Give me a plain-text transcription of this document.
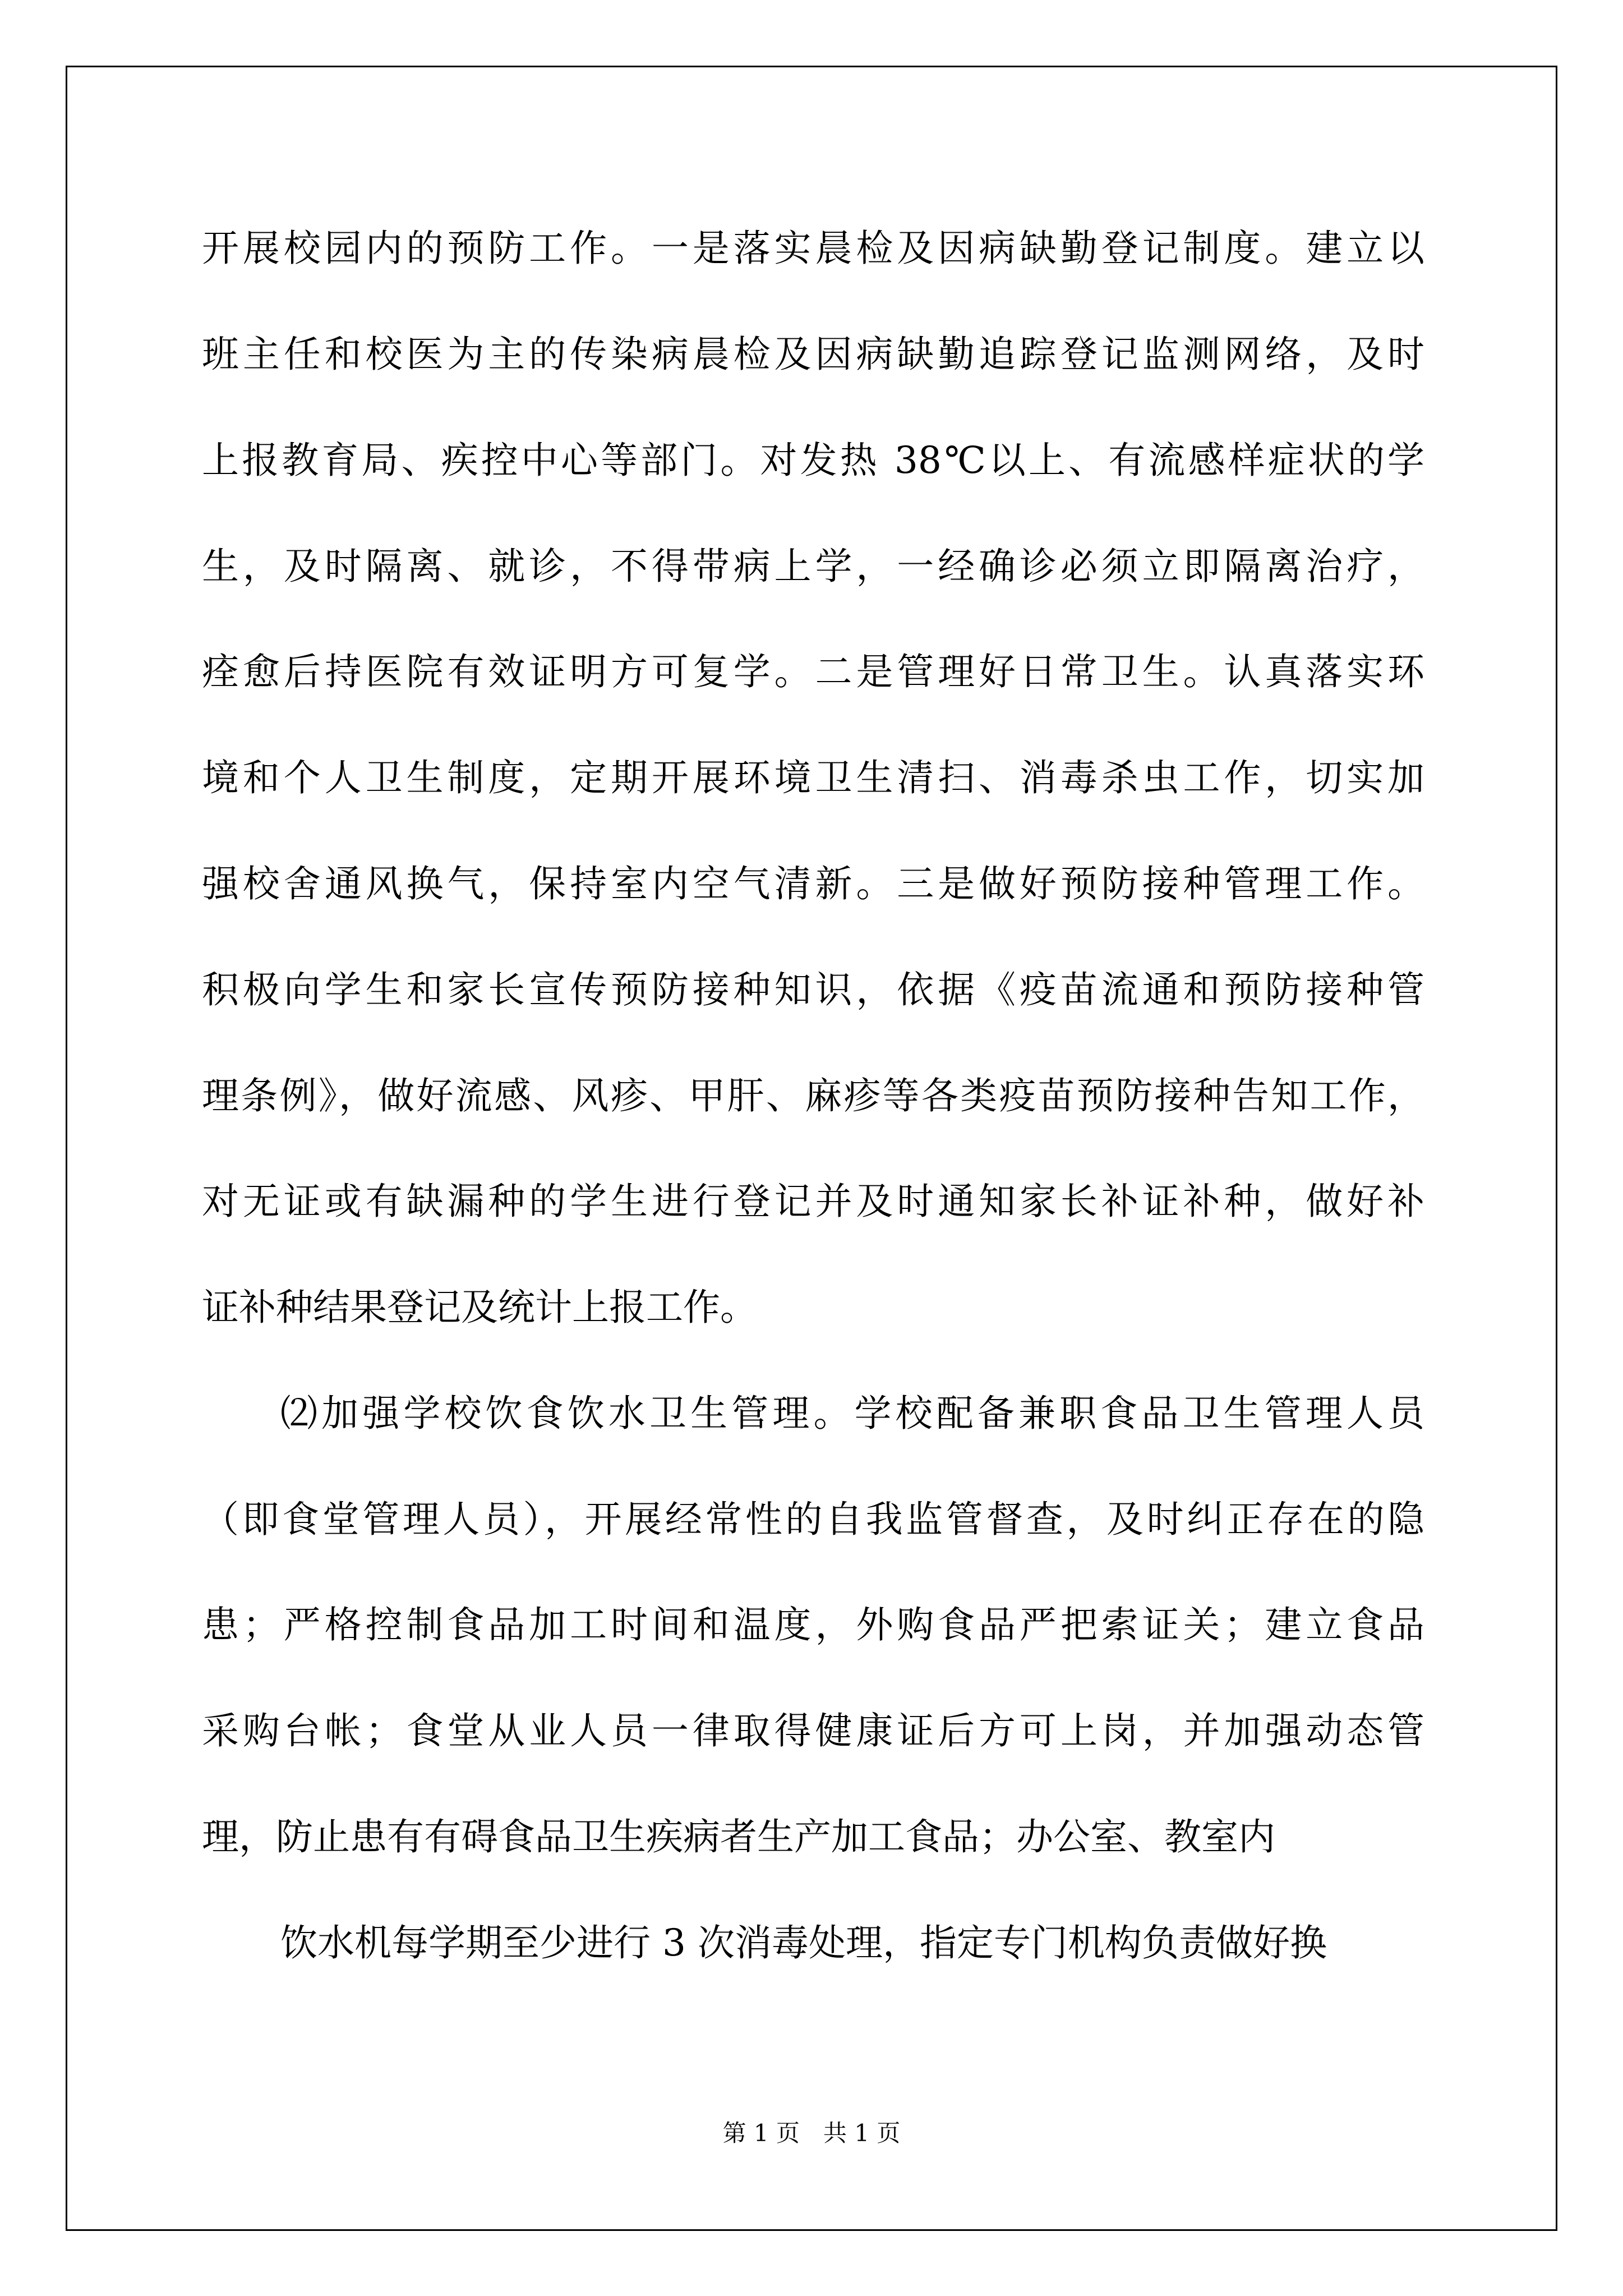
开展校园内的预防工作。一是落实晨检及因病缺勤登记制度。建立以
班主任和校医为主的传染病晨检及因病缺勤追踪登记监测网络，及时
上报教育局、疾控中心等部门。对发热 38℃以上、有流感样症状的学
生，及时隔离、就诊，不得带病上学，一经确诊必须立即隔离治疗，
痊愈后持医院有效证明方可复学。二是管理好日常卫生。认真落实环
境和个人卫生制度，定期开展环境卫生清扫、消毒杀虫工作，切实加
强校舍通风换气，保持室内空气清新。三是做好预防接种管理工作。
积极向学生和家长宣传预防接种知识，依据《疫苗流通和预防接种管
理条例》，做好流感、风疹、甲肝、麻疹等各类疫苗预防接种告知工作，
对无证或有缺漏种的学生进行登记并及时通知家长补证补种，做好补
证补种结果登记及统计上报工作。
⑵加强学校饮食饮水卫生管理。学校配备兼职食品卫生管理人员
（即食堂管理人员），开展经常性的自我监管督查，及时纠正存在的隐
患；严格控制食品加工时间和温度，外购食品严把索证关；建立食品
采购台帐；食堂从业人员一律取得健康证后方可上岗，并加强动态管
理，防止患有有碍食品卫生疾病者生产加工食品；办公室、教室内
饮水机每学期至少进行 3 次消毒处理，指定专门机构负责做好换
第 1 页　共 1 页
